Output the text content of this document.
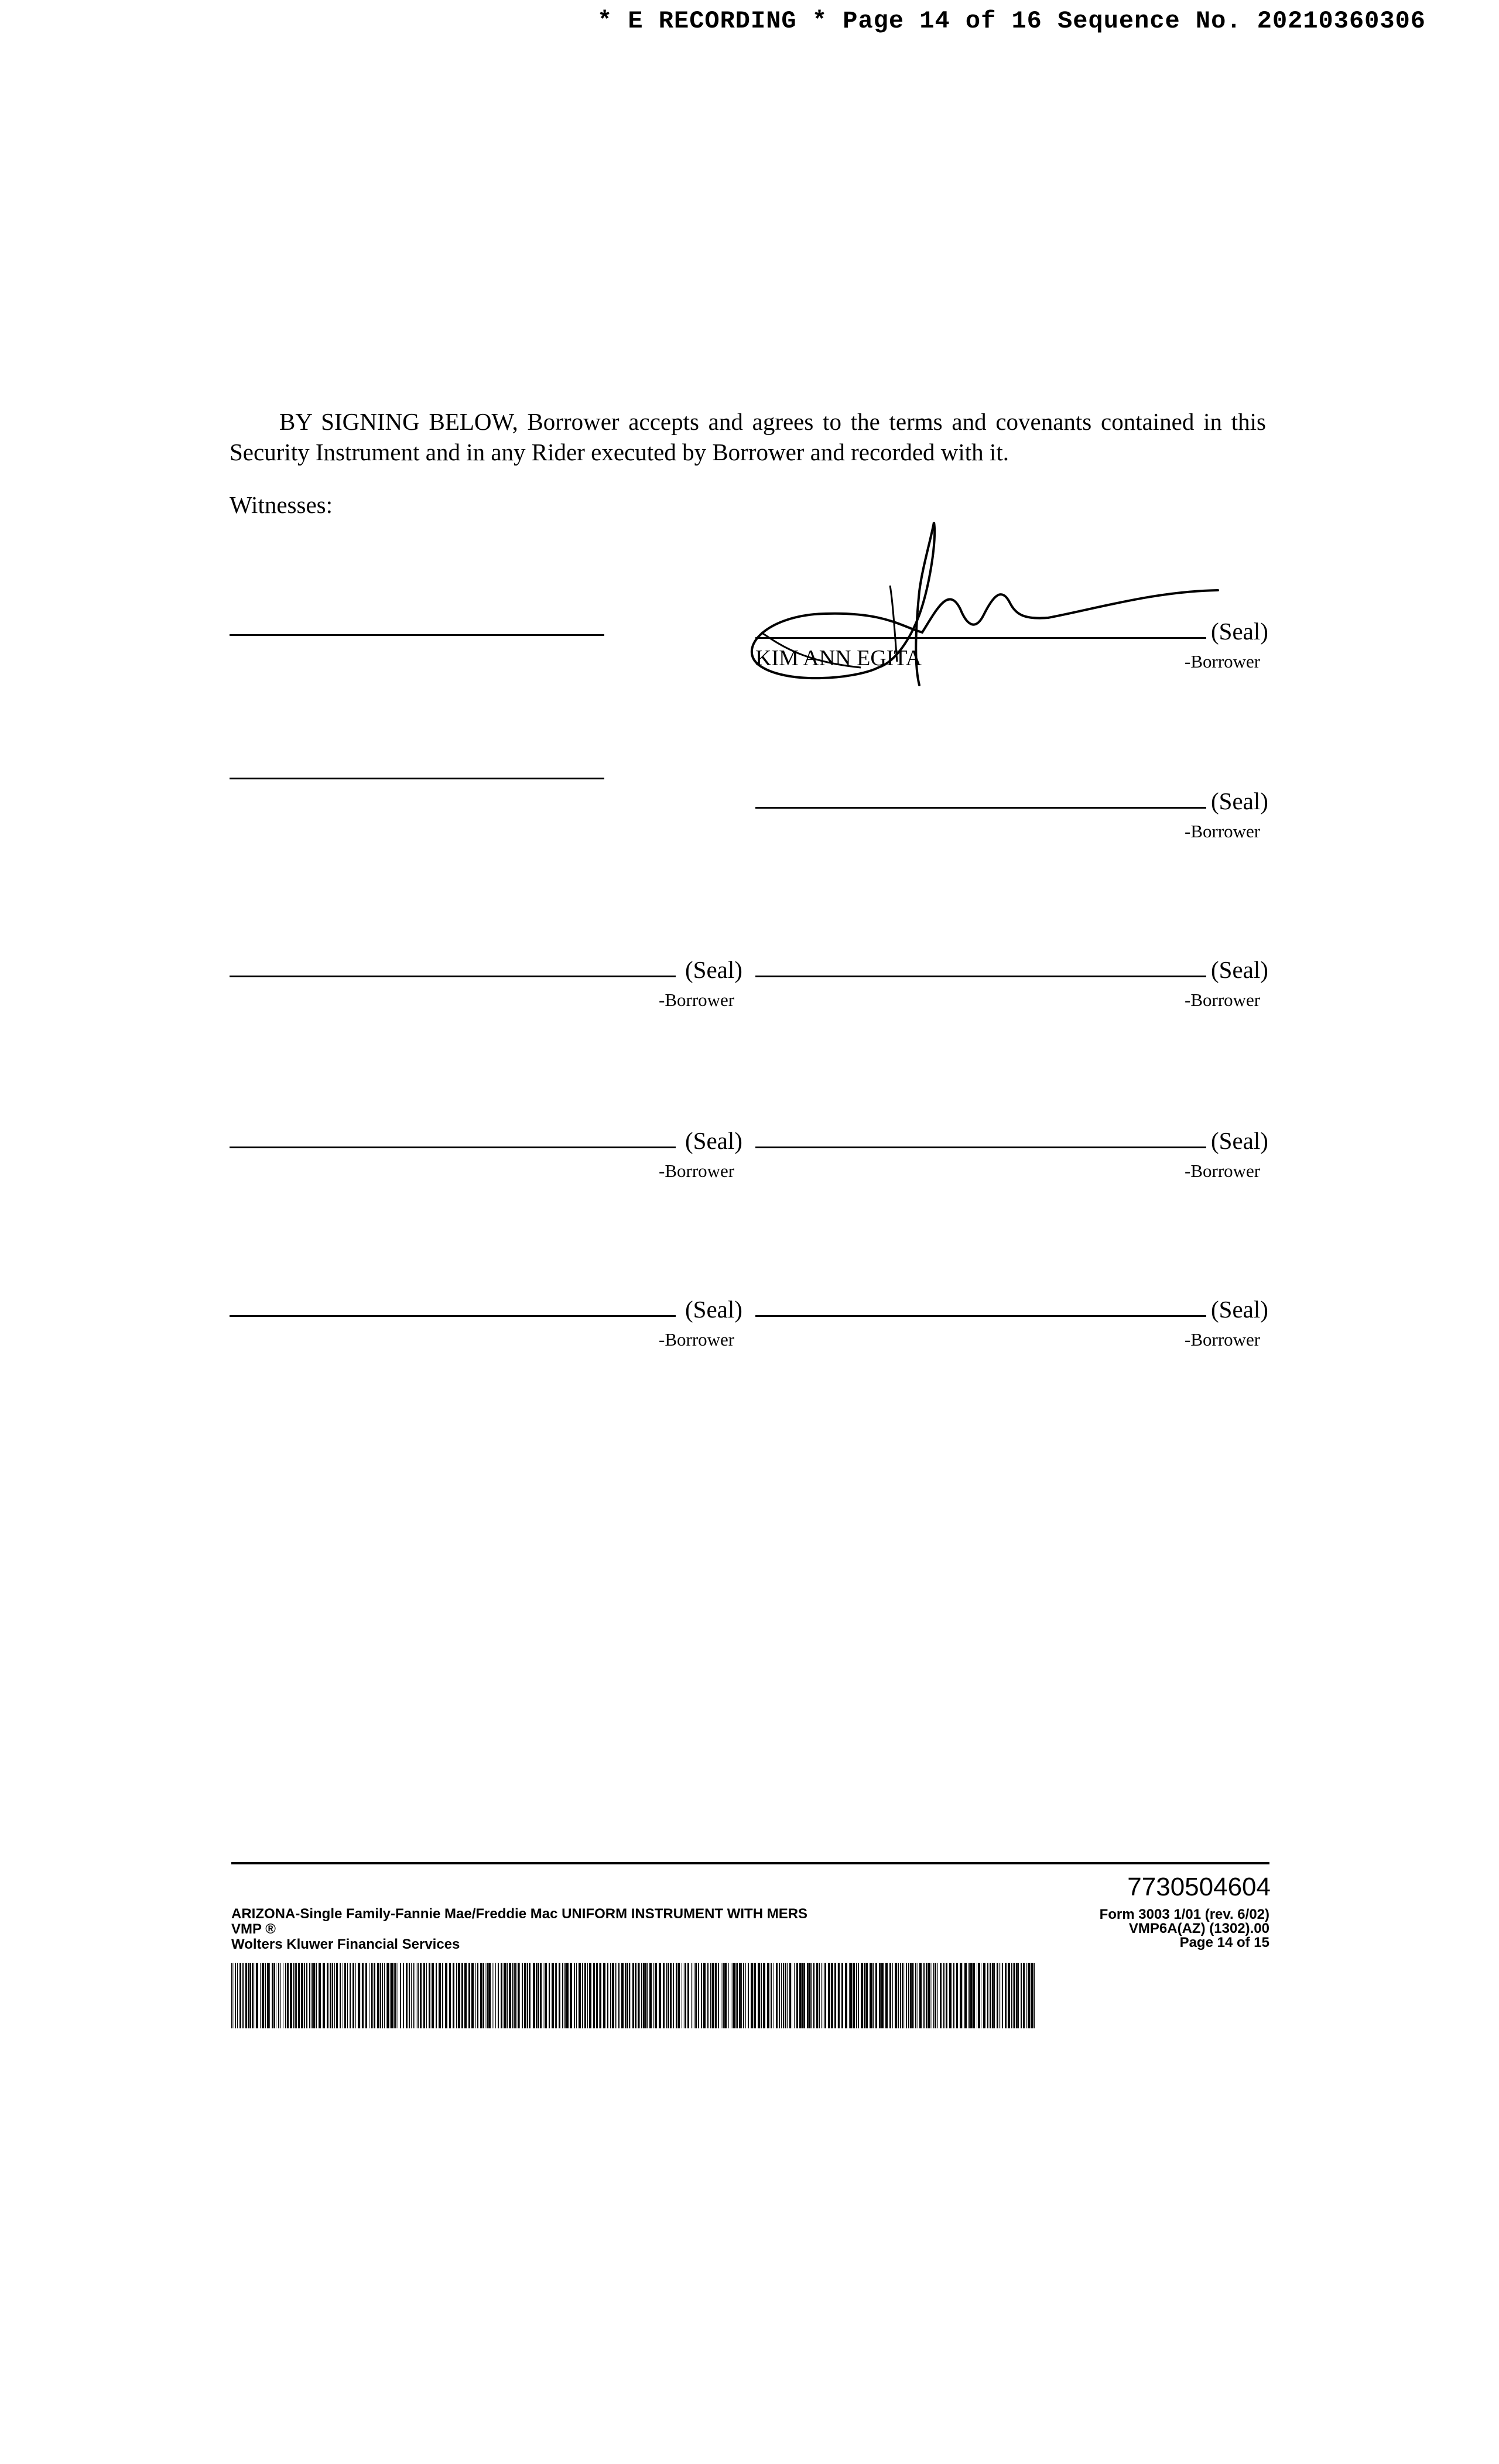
* E RECORDING * Page 14 of 16 Sequence No. 20210360306
BY SIGNING BELOW, Borrower accepts and agrees to the terms and covenants contained in this Security Instrument and in any Rider executed by Borrower and recorded with it.
Witnesses:
(Seal)
-Borrower
KIM ANN EGITA
(Seal)
-Borrower
(Seal)
-Borrower
(Seal)
-Borrower
(Seal)
-Borrower
(Seal)
-Borrower
(Seal)
-Borrower
(Seal)
-Borrower
7730504604
ARIZONA-Single Family-Fannie Mae/Freddie Mac UNIFORM INSTRUMENT WITH MERS
VMP ®
Wolters Kluwer Financial Services
Form 3003 1/01 (rev. 6/02)
VMP6A(AZ) (1302).00
Page 14 of 15
